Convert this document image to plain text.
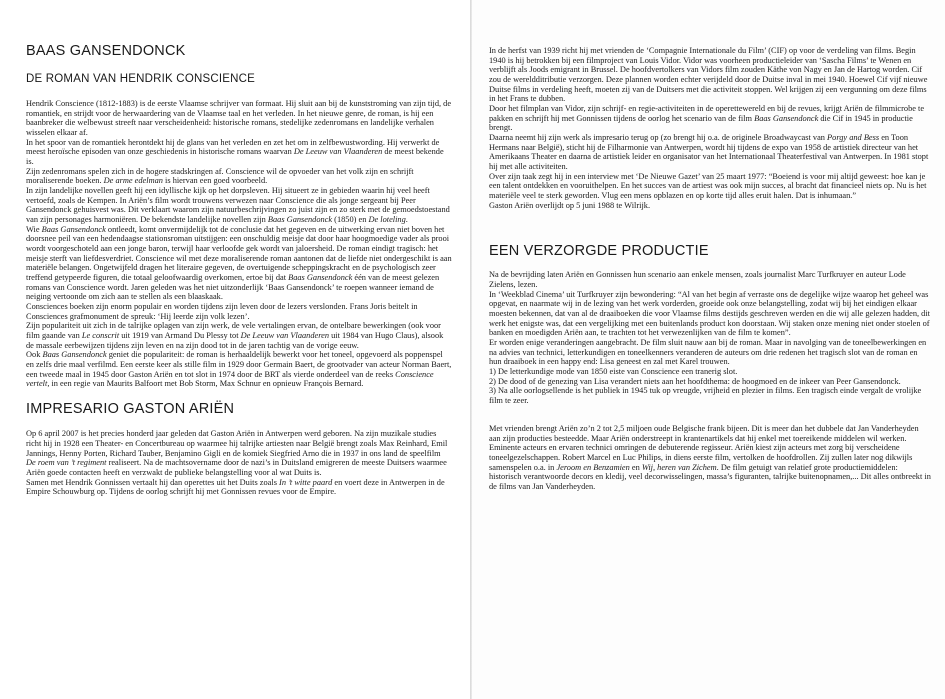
BAAS GANSENDONCK
DE ROMAN VAN HENDRIK CONSCIENCE

Hendrik Conscience (1812-1883) is de eerste Vlaamse schrijver van formaat. Hij sluit aan bij de kunststroming van zijn tijd, de romantiek, en strijdt voor de herwaardering van de Vlaamse taal en het verleden. In het nieuwe genre, de roman, is hij een baanbreker die welbewust streeft naar verscheidenheid: historische romans, stedelijke zedenromans en landelijke verhalen wisselen elkaar af.

In het spoor van de romantiek herontdekt hij de glans van het verleden en zet het om in zelfbewustwording. Hij verwerkt de meest heroïsche episoden van onze geschiedenis in historische romans waarvan De Leeuw van Vlaanderen de meest bekende is.

Zijn zedenromans spelen zich in de hogere stadskringen af. Conscience wil de opvoeder van het volk zijn en schrijft moraliserende boeken. De arme edelman is hiervan een goed voorbeeld.

In zijn landelijke novellen geeft hij een idyllische kijk op het dorpsleven. Hij situeert ze in gebieden waarin hij veel heeft vertoefd, zoals de Kempen. In Ariën’s film wordt trouwens verwezen naar Conscience die als jonge sergeant bij Peer Gansendonck gehuisvest was. Dit verklaart waarom zijn natuurbeschrijvingen zo juist zijn en zo sterk met de gemoedstoestand van zijn personages harmoniëren. De bekendste landelijke novellen zijn Baas Gansendonck (1850) en De loteling.

Wie Baas Gansendonck ontleedt, komt onvermijdelijk tot de conclusie dat het gegeven en de uitwerking ervan niet boven het doorsnee peil van een hedendaagse stationsroman uitstijgen: een onschuldig meisje dat door haar hoogmoedige vader als prooi wordt voorgeschoteld aan een jonge baron, terwijl haar verloofde gek wordt van jaloersheid. De roman eindigt tragisch: het meisje sterft van liefdesverdriet. Conscience wil met deze moraliserende roman aantonen dat de liefde niet ondergeschikt is aan materiële belangen. Ongetwijfeld dragen het literaire gegeven, de overtuigende scheppingskracht en de psychologisch zeer treffend getypeerde figuren, die totaal geloofwaardig overkomen, ertoe bij dat Baas Gansendonck één van de meest gelezen romans van Conscience wordt. Jaren geleden was het niet uitzonderlijk ‘Baas Gansendonck’ te roepen wanneer iemand de neiging vertoonde om zich aan te stellen als een blaaskaak.

Consciences boeken zijn enorm populair en worden tijdens zijn leven door de lezers verslonden. Frans Joris beitelt in Consciences grafmonument de spreuk: ‘Hij leerde zijn volk lezen’.

Zijn populariteit uit zich in de talrijke oplagen van zijn werk, de vele vertalingen ervan, de ontelbare bewerkingen (ook voor film gaande van Le conscrit uit 1919 van Armand Du Plessy tot De Leeuw van Vlaanderen uit 1984 van Hugo Claus), alsook de massale eerbewijzen tijdens zijn leven en na zijn dood tot in de jaren tachtig van de vorige eeuw.

Ook Baas Gansendonck geniet die populariteit: de roman is herhaaldelijk bewerkt voor het toneel, opgevoerd als poppenspel en zelfs drie maal verfilmd. Een eerste keer als stille film in 1929 door Germain Baert, de grootvader van acteur Norman Baert, een tweede maal in 1945 door Gaston Ariën en tot slot in 1974 door de BRT als vierde onderdeel van de reeks Conscience vertelt, in een regie van Maurits Balfoort met Bob Storm, Max Schnur en opnieuw François Bernard.

IMPRESARIO GASTON ARIËN

Op 6 april 2007 is het precies honderd jaar geleden dat Gaston Ariën in Antwerpen werd geboren. Na zijn muzikale studies richt hij in 1928 een Theater- en Concertbureau op waarmee hij talrijke artiesten naar België brengt zoals Max Reinhard, Emil Jannings, Henny Porten, Richard Tauber, Benjamino Gigli en de komiek Siegfried Arno die in 1937 in ons land de speelfilm De roem van ’t regiment realiseert. Na de machtsovername door de nazi’s in Duitsland emigreren de meeste Duitsers waarmee Ariën goede contacten heeft en verzwakt de publieke belangstelling voor al wat Duits is.

Samen met Hendrik Gonnissen vertaalt hij dan operettes uit het Duits zoals In ’t witte paard en voert deze in Antwerpen in de Empire Schouwburg op. Tijdens de oorlog schrijft hij met Gonnissen revues voor de Empire.

In de herfst van 1939 richt hij met vrienden de ‘Compagnie Internationale du Film’ (CIF) op voor de verdeling van films. Begin 1940 is hij betrokken bij een filmproject van Louis Vidor. Vidor was voorheen productieleider van ‘Sascha Films’ te Wenen en verblijft als Joods emigrant in Brussel. De hoofdvertolkers van Vidors film zouden Käthe von Nagy en Jan de Hartog worden. Cif zou de wereldditributie verzorgen. Deze plannen worden echter verijdeld door de Duitse inval in mei 1940. Hoewel Cif vijf nieuwe Duitse films in verdeling heeft, moeten zij van de Duitsers met die activiteit stoppen. Wel krijgen zij een vergunning om deze films in het Frans te dubben.

Door het filmplan van Vidor, zijn schrijf- en regie-activiteiten in de operettewereld en bij de revues, krijgt Ariën de filmmicrobe te pakken en schrijft hij met Gonnissen tijdens de oorlog het scenario van de film Baas Gansendonck die Cif in 1945 in productie brengt.

Daarna neemt hij zijn werk als impresario terug op (zo brengt hij o.a. de originele Broadwaycast van Porgy and Bess en Toon Hermans naar België), sticht hij de Filharmonie van Antwerpen, wordt hij tijdens de expo van 1958 de artistiek directeur van het Amerikaans Theater en daarna de artistiek leider en organisator van het Internationaal Theaterfestival van Antwerpen. In 1981 stopt hij met alle activiteiten.

Over zijn taak zegt hij in een interview met ‘De Nieuwe Gazet’ van 25 maart 1977: “Boeiend is voor mij altijd geweest: hoe kan je een talent ontdekken en vooruithelpen. En het succes van de artiest was ook mijn succes, al bracht dat financieel niets op. Nu is het materiële veel te sterk geworden. Vlug een mens opblazen en op korte tijd alles eruit halen. Dat is inhumaan.”

Gaston Ariën overlijdt op 5 juni 1988 te Wilrijk.

EEN VERZORGDE PRODUCTIE

Na de bevrijding laten Ariën en Gonnissen hun scenario aan enkele mensen, zoals journalist Marc Turfkruyer en auteur Lode Zielens, lezen.

In ‘Weekblad Cinema’ uit Turfkruyer zijn bewondering: “Al van het begin af verraste ons de degelijke wijze waarop het geheel was opgevat, en naarmate wij in de lezing van het werk vorderden, groeide ook onze belangstelling, zodat wij bij het eindigen elkaar moesten bekennen, dat van al de draaiboeken die voor Vlaamse films destijds geschreven werden en die wij alle gelezen hadden, dit werk het enigste was, dat een vergelijking met een buitenlands product kon doorstaan. Wij staken onze mening niet onder stoelen of banken en moedigden Ariën aan, te trachten tot het verwezenlijken van de film te komen”.

Er worden enige veranderingen aangebracht. De film sluit nauw aan bij de roman. Maar in navolging van de toneelbewerkingen en na advies van technici, letterkundigen en toneelkenners veranderen de auteurs om drie redenen het tragisch slot van de roman en hun draaiboek in een happy end: Lisa geneest en zal met Karel trouwen.

1) De letterkundige mode van 1850 eiste van Conscience een tranerig slot.

2) De dood of de genezing van Lisa verandert niets aan het hoofdthema: de hoogmoed en de inkeer van Peer Gansendonck.

3) Na alle oorlogsellende is het publiek in 1945 tuk op vreugde, vrijheid en plezier in films. Een tragisch einde vergalt de vrolijke film te zeer.

Met vrienden brengt Ariën zo’n 2 tot 2,5 miljoen oude Belgische frank bijeen. Dit is meer dan het dubbele dat Jan Vanderheyden aan zijn producties besteedde. Maar Ariën onderstreept in krantenartikels dat hij enkel met toereikende middelen wil werken. Eminente acteurs en ervaren technici omringen de debuterende regisseur. Ariën kiest zijn acteurs met zorg bij verscheidene toneelgezelschappen. Robert Marcel en Luc Philips, in diens eerste film, vertolken de hoofdrollen. Zij zullen later nog dikwijls samenspelen o.a. in Jeroom en Benzamien en Wij, heren van Zichem. De film getuigt van relatief grote productiemiddelen: historisch verantwoorde decors en kledij, veel decorwisselingen, massa’s figuranten, talrijke buitenopnamen,... Dit alles ontbreekt in de films van Jan Vanderheyden.
